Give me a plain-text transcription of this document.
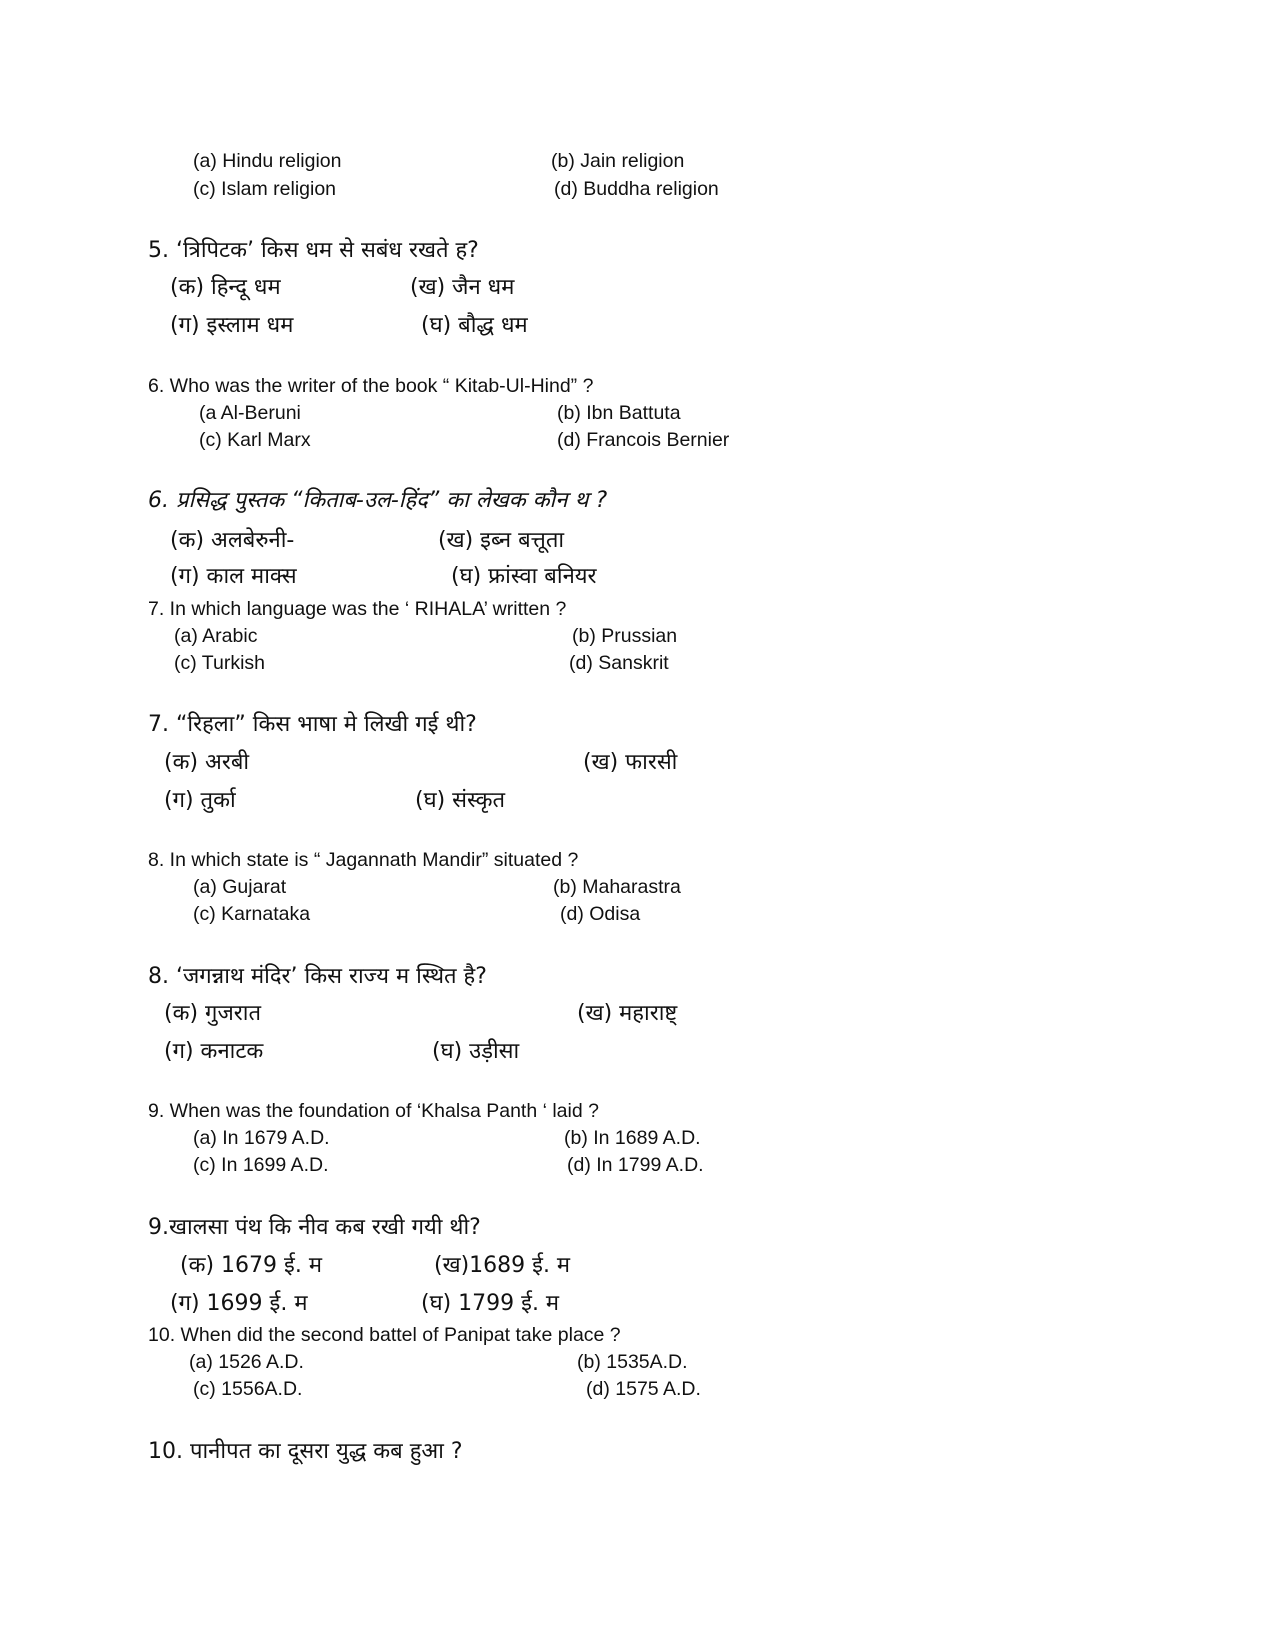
(a) Hindu religion	(b) Jain religion
(c) Islam religion	(d) Buddha religion
5. ‘त्रिपिटक’ किस धम से सबंध रखते ह?
(क) हिन्दू धम	(ख) जैन धम
(ग) इस्लाम धम	(घ) बौद्ध धम
6. Who was the writer of the book “ Kitab-Ul-Hind” ?
(a Al-Beruni	(b) Ibn Battuta
(c) Karl Marx	(d) Francois Bernier
6. प्रसिद्ध पुस्तक “किताब-उल-हिंद” का लेखक कौन थ ?
(क) अलबेरुनी-	(ख) इब्न बत्तूता
(ग) काल माक्स	(घ) फ्रांस्वा बनियर
7. In which language was the ‘ RIHALA’ written ?
(a) Arabic	(b) Prussian
(c) Turkish	(d) Sanskrit
7. “रिहला” किस भाषा मे लिखी गई थी?
(क) अरबी	(ख) फारसी
(ग) तुर्का	(घ) संस्कृत
8. In which state is “ Jagannath Mandir” situated ?
(a) Gujarat	(b) Maharastra
(c) Karnataka	(d) Odisa
8. ‘जगन्नाथ मंदिर’ किस राज्य म स्थित है?
(क) गुजरात	(ख) महाराष्ट्
(ग) कनाटक	(घ) उड़ीसा
9. When was the foundation of ‘Khalsa Panth ‘ laid ?
(a) In 1679 A.D.	(b) In 1689 A.D.
(c) In 1699 A.D.	(d) In 1799 A.D.
9.खालसा पंथ कि नीव कब रखी गयी थी?
(क) 1679 ई. म	(ख)1689 ई. म
(ग) 1699 ई. म	(घ) 1799 ई. म
10. When did the second battel of Panipat take place ?
(a) 1526 A.D.	(b) 1535A.D.
(c) 1556A.D.	(d) 1575 A.D.
10. पानीपत का दूसरा युद्ध कब हुआ ?
